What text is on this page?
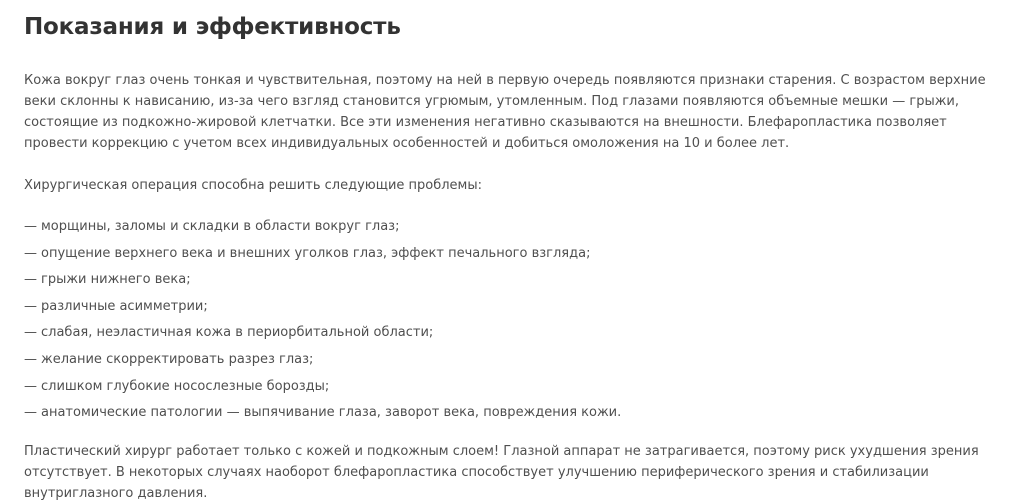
Показания и эффективность

Кожа вокруг глаз очень тонкая и чувствительная, поэтому на ней в первую очередь появляются признаки старения. С возрастом верхние веки склонны к нависанию, из-за чего взгляд становится угрюмым, утомленным. Под глазами появляются объемные мешки — грыжи, состоящие из подкожно-жировой клетчатки. Все эти изменения негативно сказываются на внешности. Блефаропластика позволяет провести коррекцию с учетом всех индивидуальных особенностей и добиться омоложения на 10 и более лет.

Хирургическая операция способна решить следующие проблемы:

— морщины, заломы и складки в области вокруг глаз;
— опущение верхнего века и внешних уголков глаз, эффект печального взгляда;
— грыжи нижнего века;
— различные асимметрии;
— слабая, неэластичная кожа в периорбитальной области;
— желание скорректировать разрез глаз;
— слишком глубокие носослезные борозды;
— анатомические патологии — выпячивание глаза, заворот века, повреждения кожи.

Пластический хирург работает только с кожей и подкожным слоем! Глазной аппарат не затрагивается, поэтому риск ухудшения зрения отсутствует. В некоторых случаях наоборот блефаропластика способствует улучшению периферического зрения и стабилизации внутриглазного давления.
